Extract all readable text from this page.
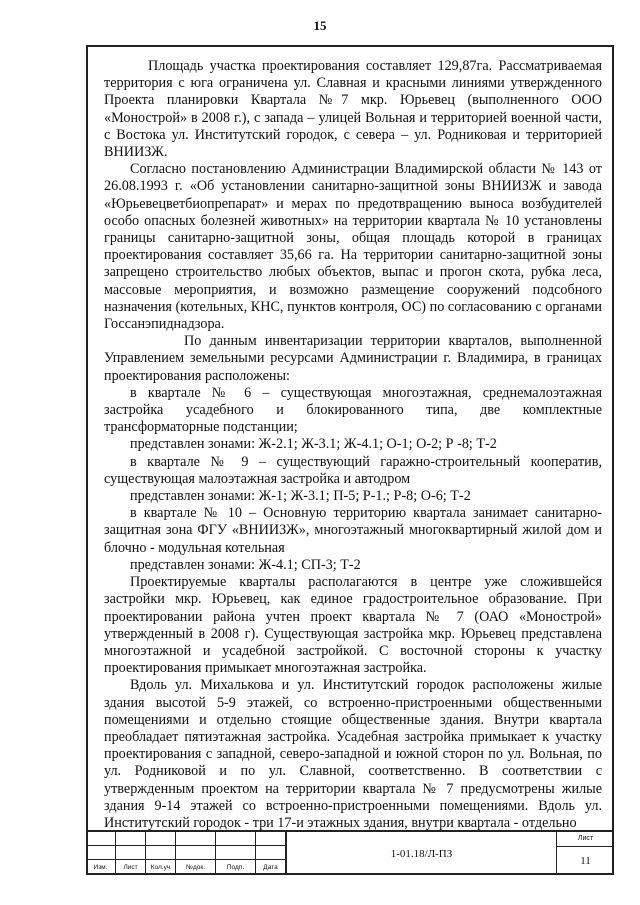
15

Площадь участка проектирования составляет 129,87га. Рассматриваемая территория с юга ограничена ул. Славная и красными линиями утвержденного Проекта планировки Квартала №7 мкр. Юрьевец (выполненного ООО «Монострой» в 2008 г.), с запада – улицей Вольная и территорией военной части, с Востока ул. Институтский городок, с севера – ул. Родниковая и территорией ВНИИЗЖ.

Согласно постановлению Администрации Владимирской области № 143 от 26.08.1993 г. «Об установлении санитарно-защитной зоны ВНИИЗЖ и завода «Юрьевецветбиопрепарат» и мерах по предотвращению выноса возбудителей особо опасных болезней животных» на территории квартала № 10 установлены границы санитарно-защитной зоны, общая площадь которой в границах проектирования составляет 35,66 га. На территории санитарно-защитной зоны запрещено строительство любых объектов, выпас и прогон скота, рубка леса, массовые мероприятия, и возможно размещение сооружений подсобного назначения (котельных, КНС, пунктов контроля, ОС) по согласованию с органами Госсанэпиднадзора.

По данным инвентаризации территории кварталов, выполненной Управлением земельными ресурсами Администрации г. Владимира, в границах проектирования расположены:

в квартале № 6 – существующая многоэтажная, среднемалоэтажная застройка усадебного и блокированного типа, две комплектные трансформаторные подстанции;

представлен зонами: Ж-2.1; Ж-3.1; Ж-4.1; О-1; О-2; Р -8; Т-2

в квартале № 9 – существующий гаражно-строительный кооператив, существующая малоэтажная застройка и автодром

представлен зонами: Ж-1; Ж-3.1; П-5; Р-1.; Р-8; О-6; Т-2

в квартале № 10 – Основную территорию квартала занимает санитарно-защитная зона ФГУ «ВНИИЗЖ», многоэтажный многоквартирный жилой дом и блочно - модульная котельная

представлен зонами: Ж-4.1; СП-3; Т-2

Проектируемые кварталы располагаются в центре уже сложившейся застройки мкр. Юрьевец, как единое градостроительное образование. При проектировании района учтен проект квартала № 7 (ОАО «Монострой» утвержденный в 2008 г). Существующая застройка мкр. Юрьевец представлена многоэтажной и усадебной застройкой. С восточной стороны к участку проектирования примыкает многоэтажная застройка.

Вдоль ул. Михалькова и ул. Институтский городок расположены жилые здания высотой 5-9 этажей, со встроенно-пристроенными общественными помещениями и отдельно стоящие общественные здания. Внутри квартала преобладает пятиэтажная застройка. Усадебная застройка примыкает к участку проектирования с западной, северо-западной и южной сторон по ул. Вольная, по ул. Родниковой и по ул. Славной, соответственно. В соответствии с утвержденным проектом на территории квартала № 7 предусмотрены жилые здания 9-14 этажей со встроенно-пристроенными помещениями. Вдоль ул. Институтский городок - три 17-и этажных здания, внутри квартала - отдельно

Изм.	Лист	Кол.уч	№док.	Подп.	Дата
1-01.18/Л-ПЗ
Лист
11
